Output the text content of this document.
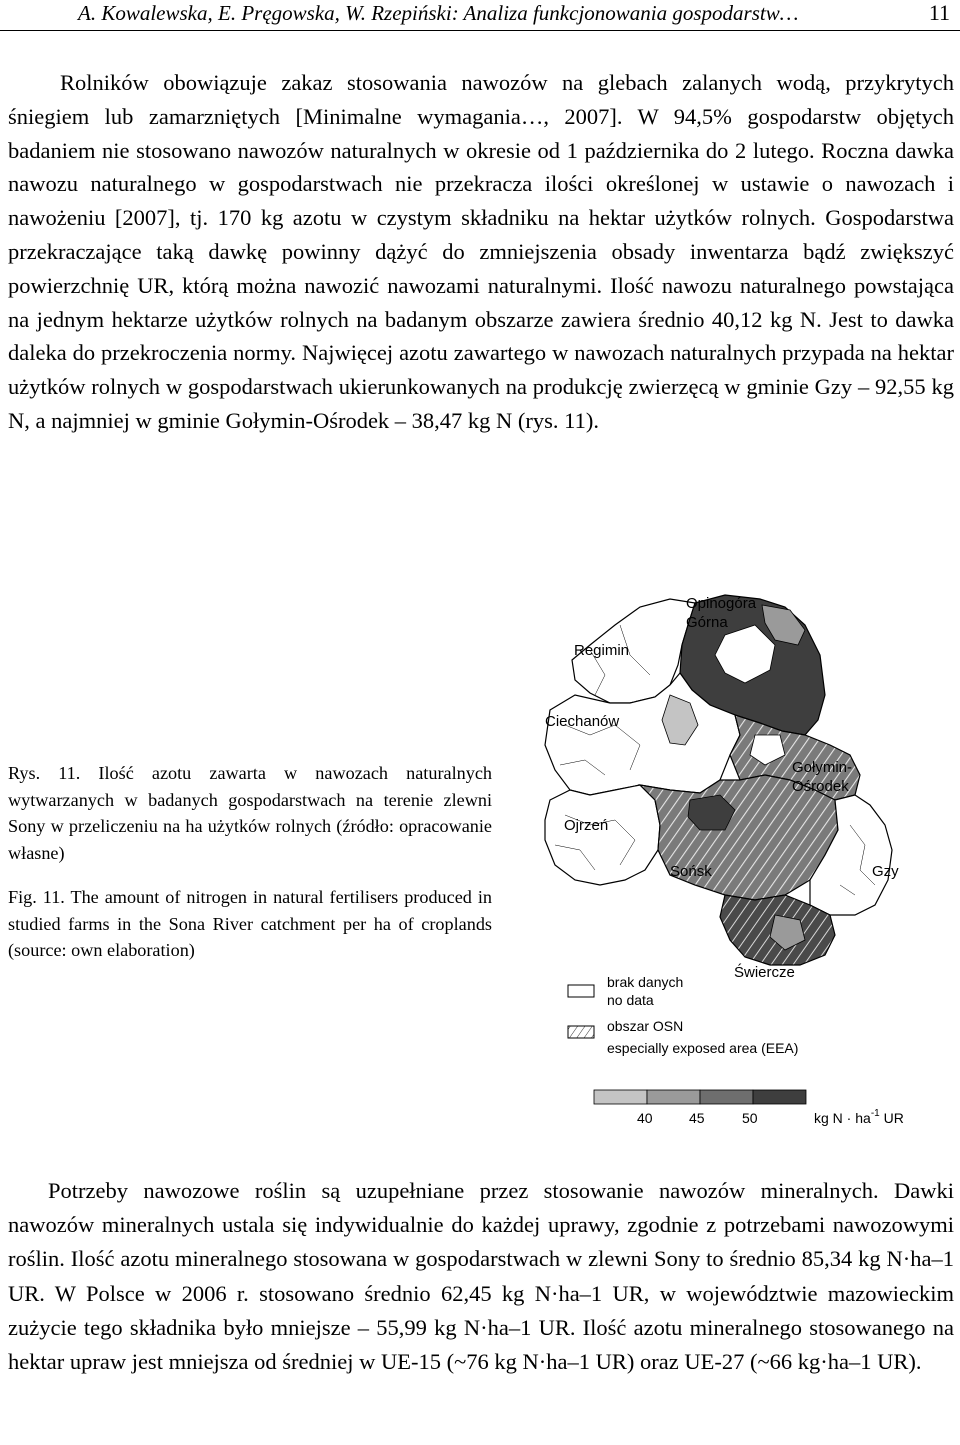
A. Kowalewska, E. Pręgowska, W. Rzepiński: Analiza funkcjonowania gospodarstw…	11

Rolników obowiązuje zakaz stosowania nawozów na glebach zalanych wodą, przykrytych śniegiem lub zamarzniętych [Minimalne wymagania…, 2007]. W 94,5% gospodarstw objętych badaniem nie stosowano nawozów naturalnych w okresie od 1 października do 2 lutego. Roczna dawka nawozu naturalnego w gospodarstwach nie przekracza ilości określonej w ustawie o nawozach i nawożeniu [2007], tj. 170 kg azotu w czystym składniku na hektar użytków rolnych. Gospodarstwa przekraczające taką dawkę powinny dążyć do zmniejszenia obsady inwentarza bądź zwiększyć powierzchnię UR, którą można nawozić nawozami naturalnymi. Ilość nawozu naturalnego powstająca na jednym hektarze użytków rolnych na badanym obszarze zawiera średnio 40,12 kg N. Jest to dawka daleka do przekroczenia normy. Najwięcej azotu zawartego w nawozach naturalnych przypada na hektar użytków rolnych w gospodarstwach ukierunkowanych na produkcję zwierzęcą w gminie Gzy – 92,55 kg N, a najmniej w gminie Gołymin-Ośrodek – 38,47 kg N (rys. 11).

Rys. 11. Ilość azotu zawarta w nawozach naturalnych wytwarzanych w badanych gospodarstwach na terenie zlewni Sony w przeliczeniu na ha użytków rolnych (źródło: opracowanie własne)

Fig. 11. The amount of nitrogen in natural fertilisers produced in studied farms in the Sona River catchment per ha of croplands (source: own elaboration)

Opinogóra
Górna
Regimin
Ciechanów
Gołymin-
Ośrodek
Ojrzeń
Sońsk	Gzy
Świercze
brak danych
no data
obszar OSN
especially exposed area (EEA)
40	45	50	kg $N \cdot ha^{-1}$ UR

Potrzeby nawozowe roślin są uzupełniane przez stosowanie nawozów mineralnych. Dawki nawozów mineralnych ustala się indywidualnie do każdej uprawy, zgodnie z potrzebami nawozowymi roślin. Ilość azotu mineralnego stosowana w gospodarstwach w zlewni Sony to średnio 85,34 kg N·ha–1 UR. W Polsce w 2006 r. stosowano średnio 62,45 kg N·ha–1 UR, w województwie mazowieckim zużycie tego składnika było mniejsze – 55,99 kg N·ha–1 UR. Ilość azotu mineralnego stosowanego na hektar upraw jest mniejsza od średniej w UE-15 (~76 kg N·ha–1 UR) oraz UE-27 (~66 kg·ha–1 UR).
